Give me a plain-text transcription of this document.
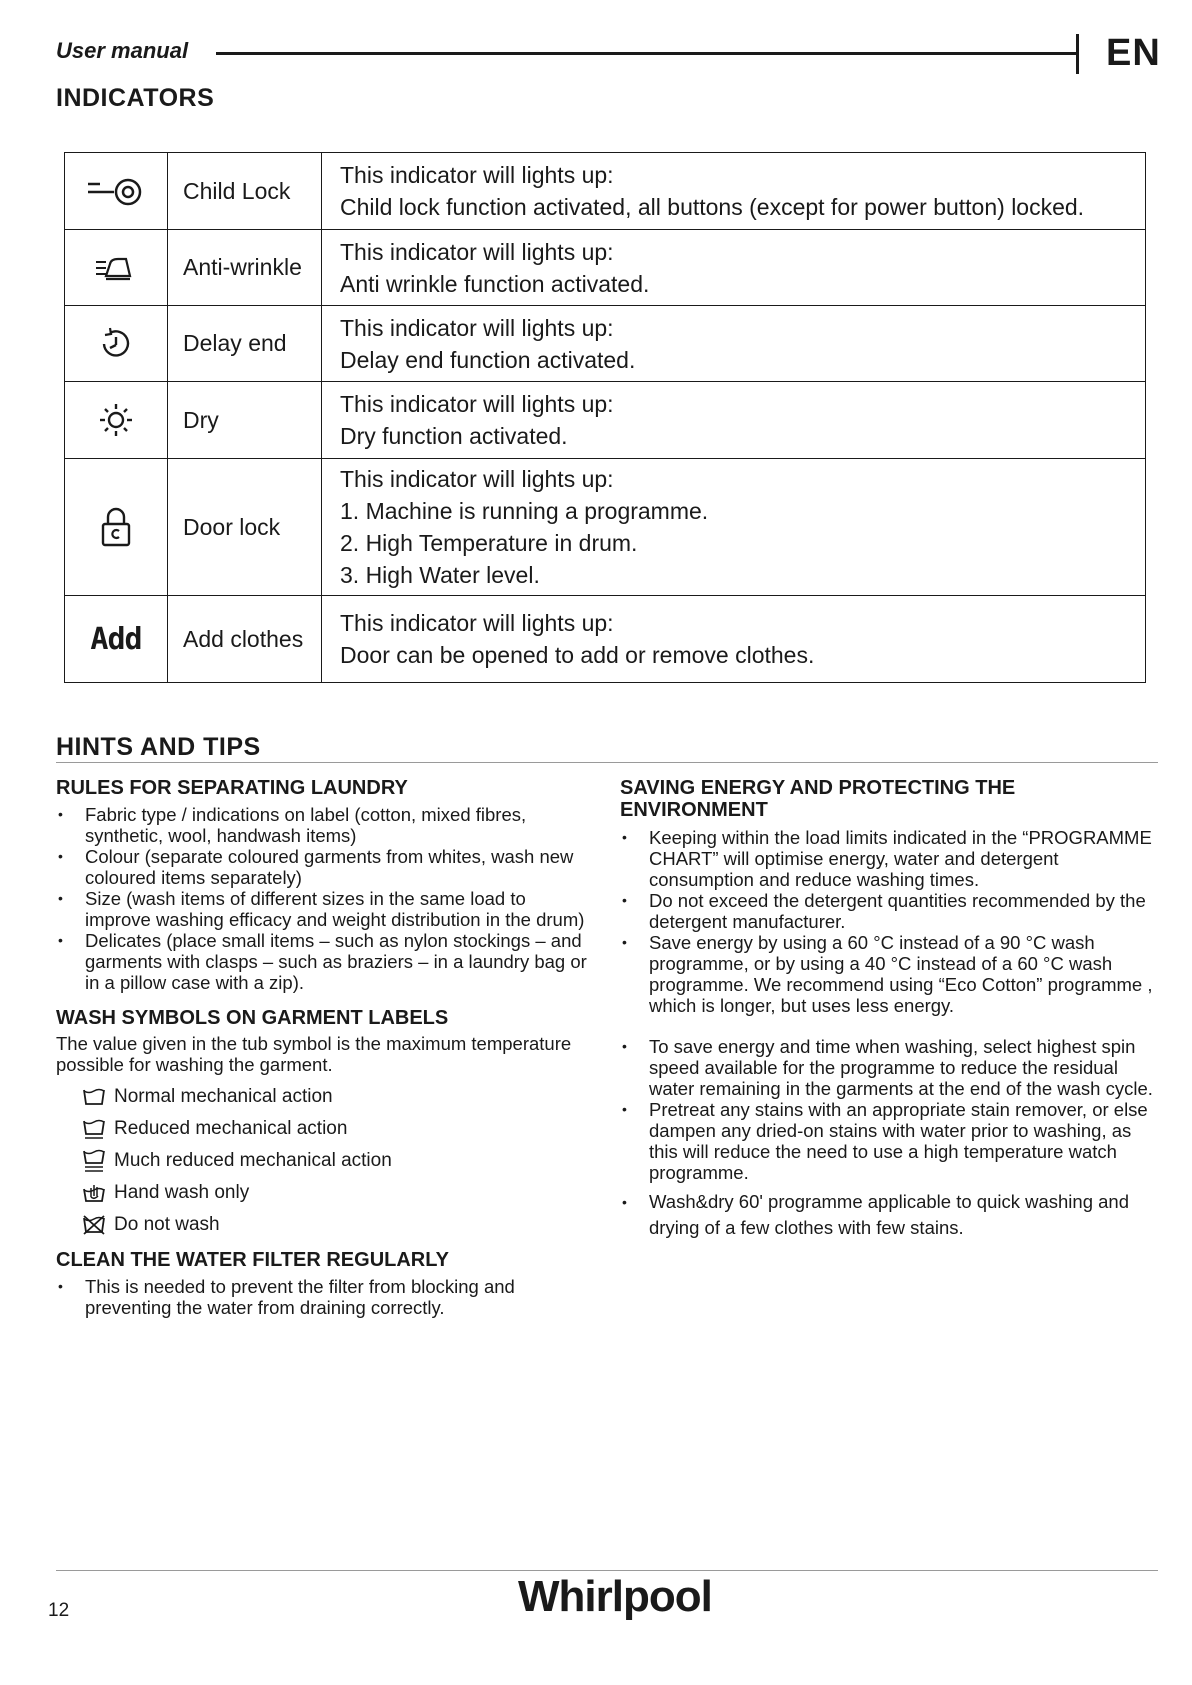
User manual	EN
INDICATORS
	Child Lock	This indicator will lights up:
Child lock function activated, all buttons (except for power button) locked.

	Anti-wrinkle	This indicator will lights up:
Anti wrinkle function activated.

	Delay end	This indicator will lights up:
Delay end function activated.

	Dry	This indicator will lights up:
Dry function activated.

	Door lock	This indicator will lights up:
1. Machine is running a programme.
2. High Temperature in drum.
3. High Water level.

Add	Add clothes	This indicator will lights up:
Door can be opened to add or remove clothes.
HINTS AND TIPS
RULES FOR SEPARATING LAUNDRY
• Fabric type / indications on label (cotton, mixed fibres, synthetic, wool, handwash items)
• Colour (separate coloured garments from whites, wash new coloured items separately)
• Size (wash items of different sizes in the same load to improve washing efficacy and weight distribution in the drum)
• Delicates (place small items – such as nylon stockings – and garments with clasps – such as braziers – in a laundry bag or in a pillow case with a zip).
WASH SYMBOLS ON GARMENT LABELS
The value given in the tub symbol is the maximum temperature possible for washing the garment.
Normal mechanical action
Reduced mechanical action
Much reduced mechanical action
Hand wash only
Do not wash
CLEAN THE WATER FILTER REGULARLY
• This is needed to prevent the filter from blocking and preventing the water from draining correctly.
SAVING ENERGY AND PROTECTING THE ENVIRONMENT
• Keeping within the load limits indicated in the “PROGRAMME CHART” will optimise energy, water and detergent consumption and reduce washing times.
• Do not exceed the detergent quantities recommended by the detergent manufacturer.
• Save energy by using a 60 °C instead of a 90 °C wash programme, or by using a 40 °C instead of a 60 °C wash programme. We recommend using “Eco Cotton” programme , which is longer, but uses less energy.
• To save energy and time when washing, select highest spin speed available for the programme to reduce the residual water remaining in the garments at the end of the wash cycle.
• Pretreat any stains with an appropriate stain remover, or else dampen any dried-on stains with water prior to washing, as this will reduce the need to use a high temperature watch programme.
• Wash&dry 60' programme applicable to quick washing and drying of a few clothes with few stains.
12	Whirlpool
